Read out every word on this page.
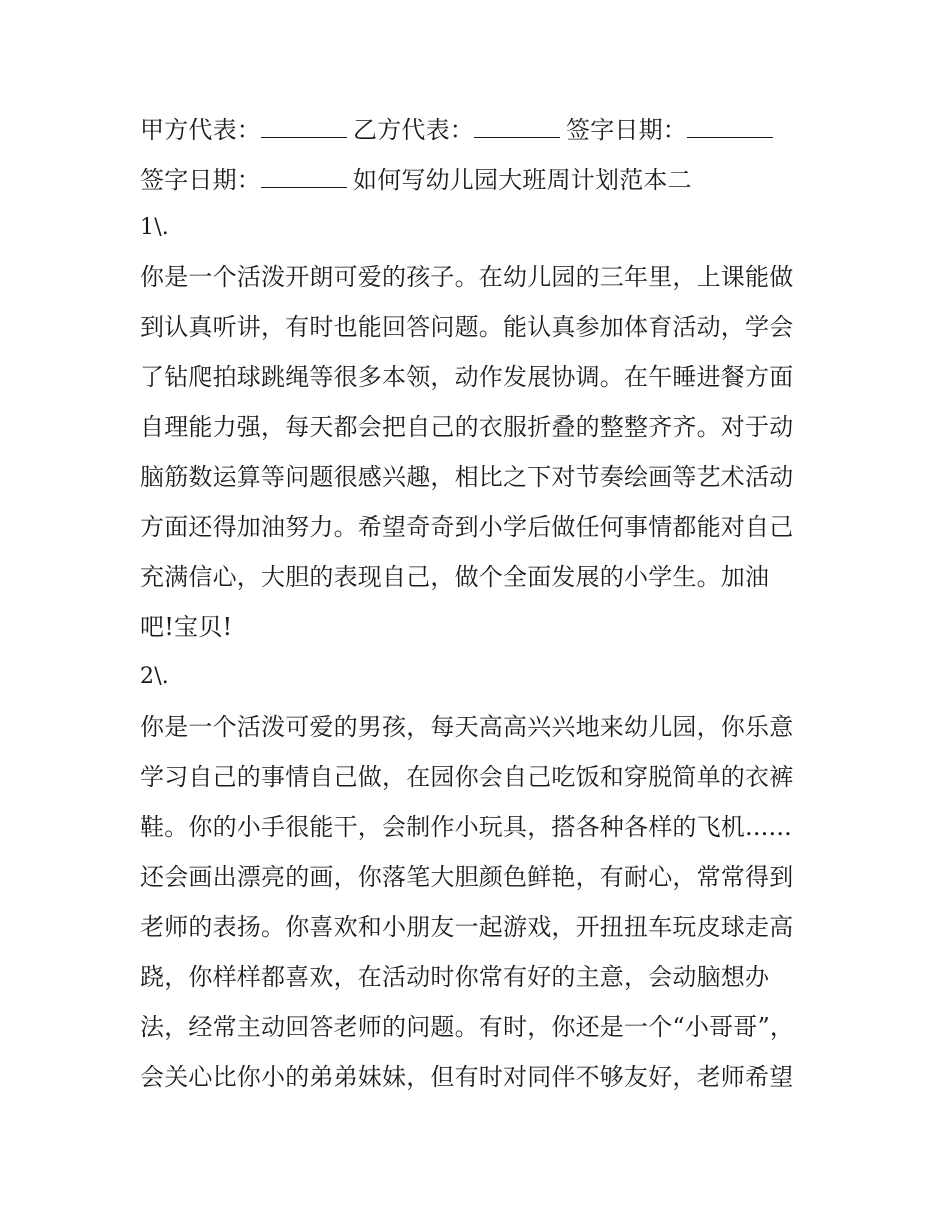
甲方代表：	乙方代表：	签字日期：
签字日期：	如何写幼儿园大班周计划范本二
1\.
你是一个活泼开朗可爱的孩子。在幼儿园的三年里，上课能做
到认真听讲，有时也能回答问题。能认真参加体育活动，学会
了钻爬拍球跳绳等很多本领，动作发展协调。在午睡进餐方面
自理能力强，每天都会把自己的衣服折叠的整整齐齐。对于动
脑筋数运算等问题很感兴趣，相比之下对节奏绘画等艺术活动
方面还得加油努力。希望奇奇到小学后做任何事情都能对自己
充满信心，大胆的表现自己，做个全面发展的小学生。加油
吧!宝贝!
2\.
你是一个活泼可爱的男孩，每天高高兴兴地来幼儿园，你乐意
学习自己的事情自己做，在园你会自己吃饭和穿脱简单的衣裤
鞋。你的小手很能干，会制作小玩具，搭各种各样的飞机......
还会画出漂亮的画，你落笔大胆颜色鲜艳，有耐心，常常得到
老师的表扬。你喜欢和小朋友一起游戏，开扭扭车玩皮球走高
跷，你样样都喜欢，在活动时你常有好的主意，会动脑想办
法，经常主动回答老师的问题。有时，你还是一个“小哥哥”，
会关心比你小的弟弟妹妹，但有时对同伴不够友好，老师希望
